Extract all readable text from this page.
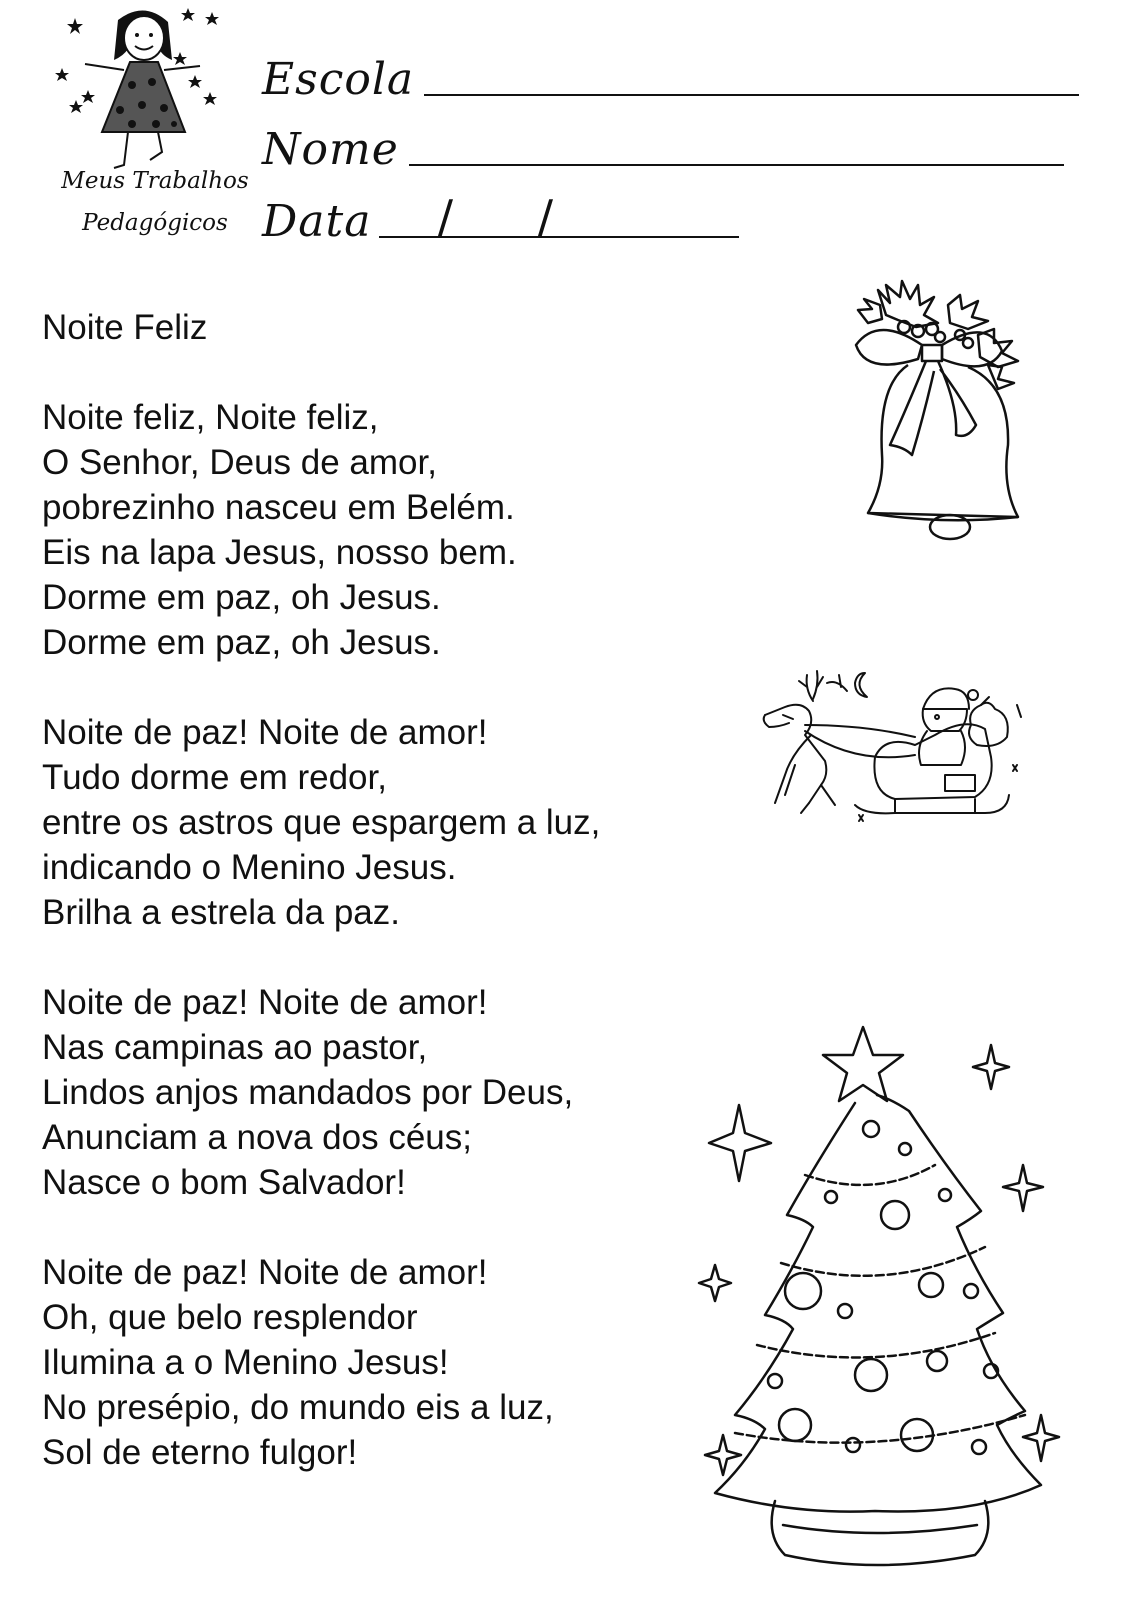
Meus Trabalhos
Pedagógicos
Escola
Nome
Data / /
Noite Feliz
Noite feliz, Noite feliz,
O Senhor, Deus de amor,
pobrezinho nasceu em Belém.
Eis na lapa Jesus, nosso bem.
Dorme em paz, oh Jesus.
Dorme em paz, oh Jesus.
Noite de paz! Noite de amor!
Tudo dorme em redor,
entre os astros que espargem a luz,
indicando o Menino Jesus.
Brilha a estrela da paz.
Noite de paz! Noite de amor!
Nas campinas ao pastor,
Lindos anjos mandados por Deus,
Anunciam a nova dos céus;
Nasce o bom Salvador!
Noite de paz! Noite de amor!
Oh, que belo resplendor
Ilumina a o Menino Jesus!
No presépio, do mundo eis a luz,
Sol de eterno fulgor!
